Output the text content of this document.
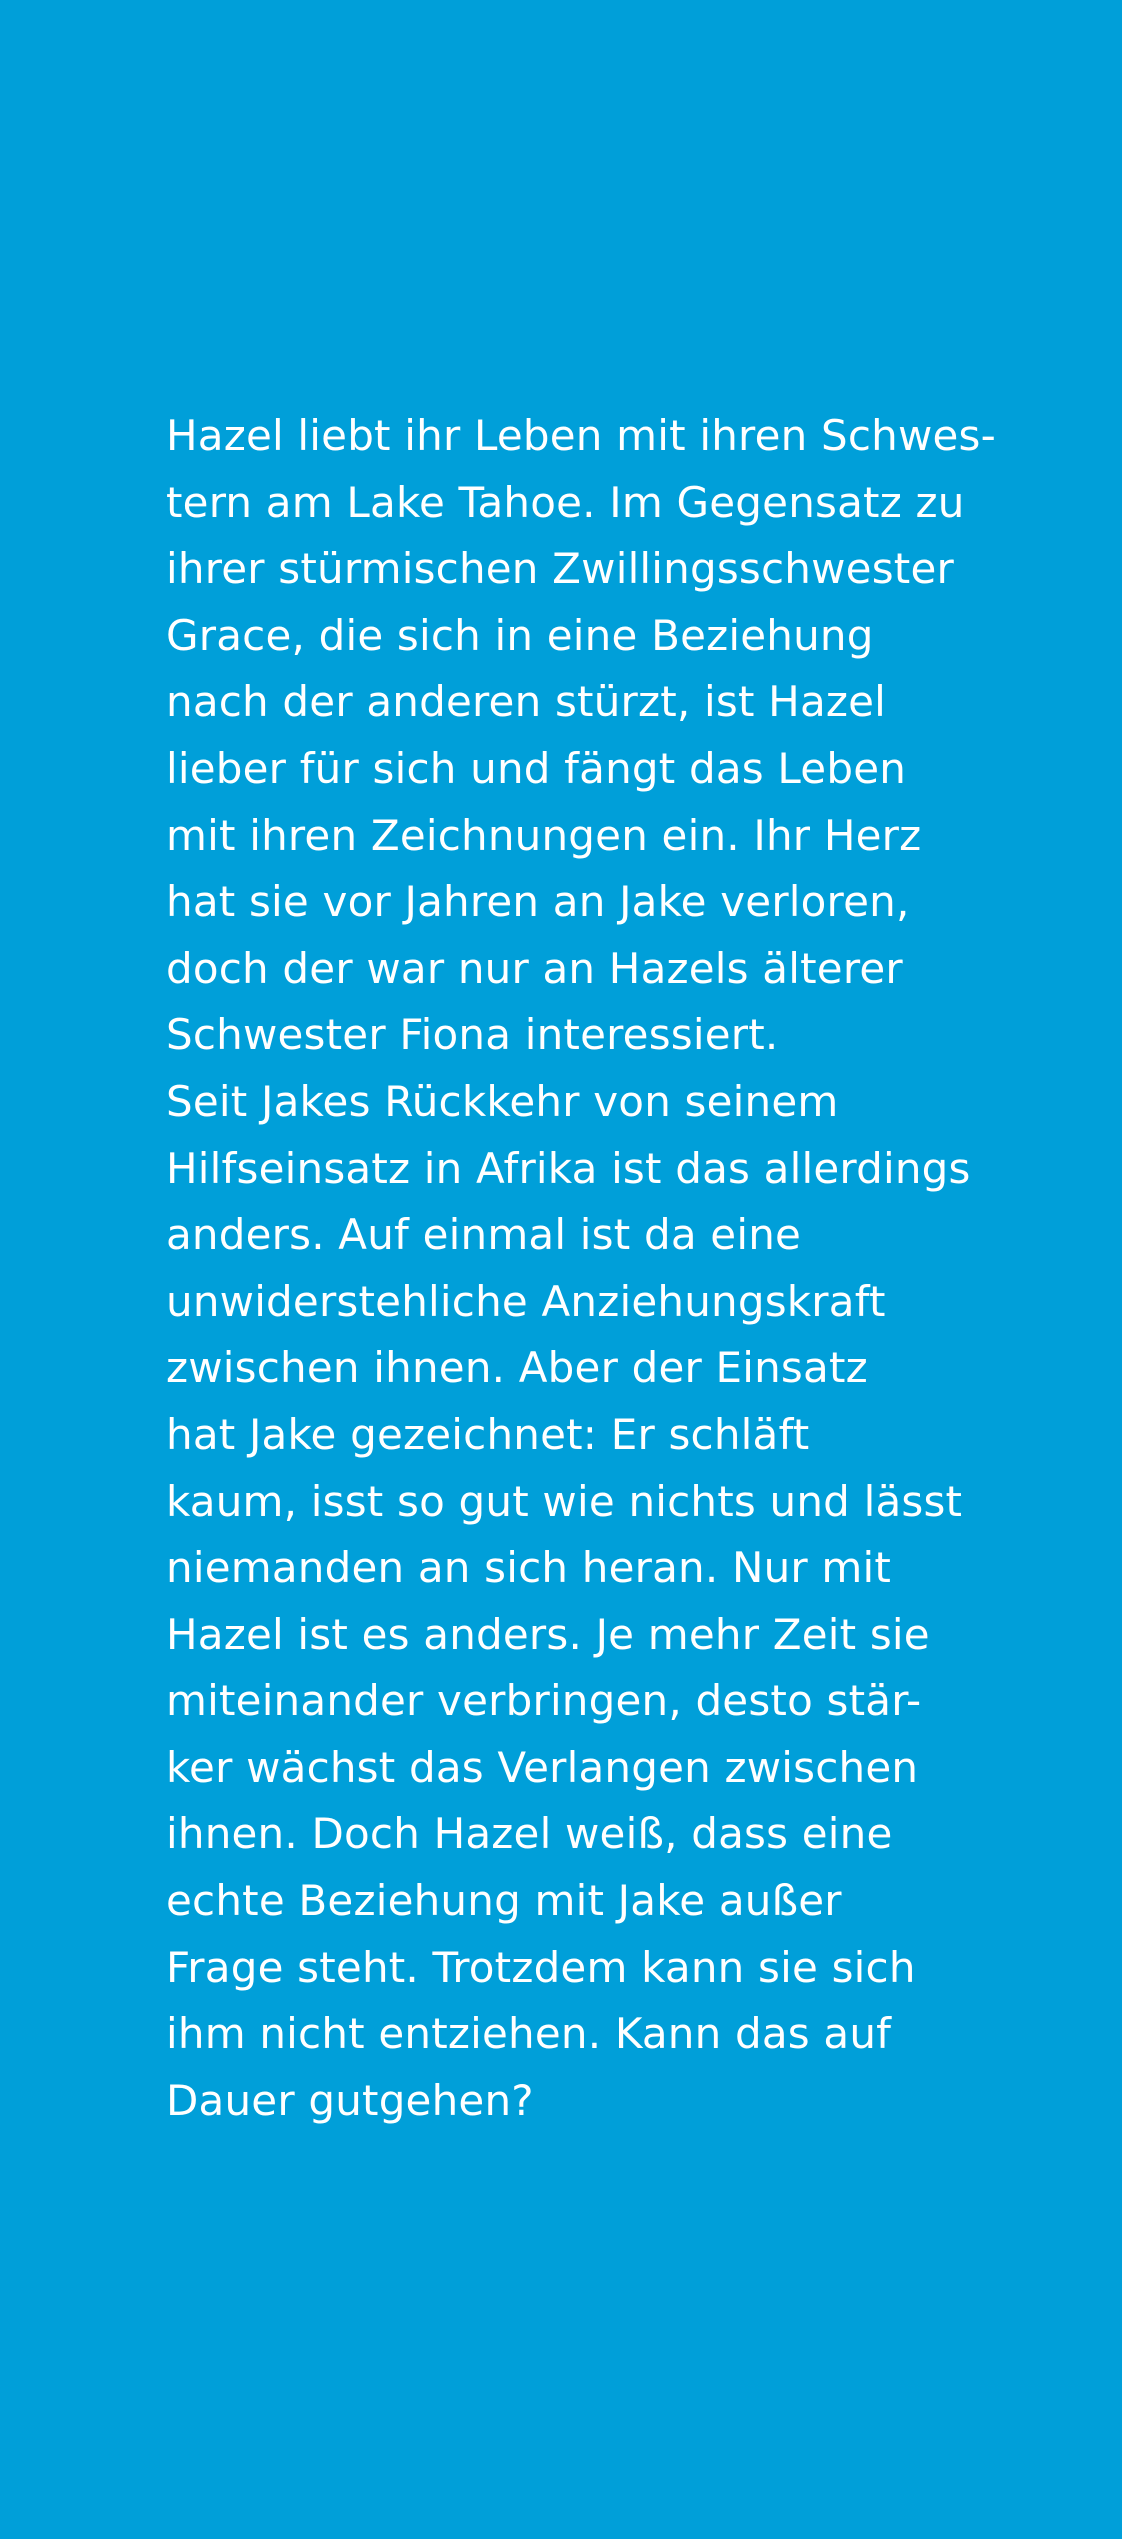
Hazel liebt ihr Leben mit ihren Schwes-
tern am Lake Tahoe. Im Gegensatz zu
ihrer stürmischen Zwillingsschwester
Grace, die sich in eine Beziehung
nach der anderen stürzt, ist Hazel
lieber für sich und fängt das Leben
mit ihren Zeichnungen ein. Ihr Herz
hat sie vor Jahren an Jake verloren,
doch der war nur an Hazels älterer
Schwester Fiona interessiert.
Seit Jakes Rückkehr von seinem
Hilfseinsatz in Afrika ist das allerdings
anders. Auf einmal ist da eine
unwiderstehliche Anziehungskraft
zwischen ihnen. Aber der Einsatz
hat Jake gezeichnet: Er schläft
kaum, isst so gut wie nichts und lässt
niemanden an sich heran. Nur mit
Hazel ist es anders. Je mehr Zeit sie
miteinander verbringen, desto stär-
ker wächst das Verlangen zwischen
ihnen. Doch Hazel weiß, dass eine
echte Beziehung mit Jake außer
Frage steht. Trotzdem kann sie sich
ihm nicht entziehen. Kann das auf
Dauer gutgehen?
